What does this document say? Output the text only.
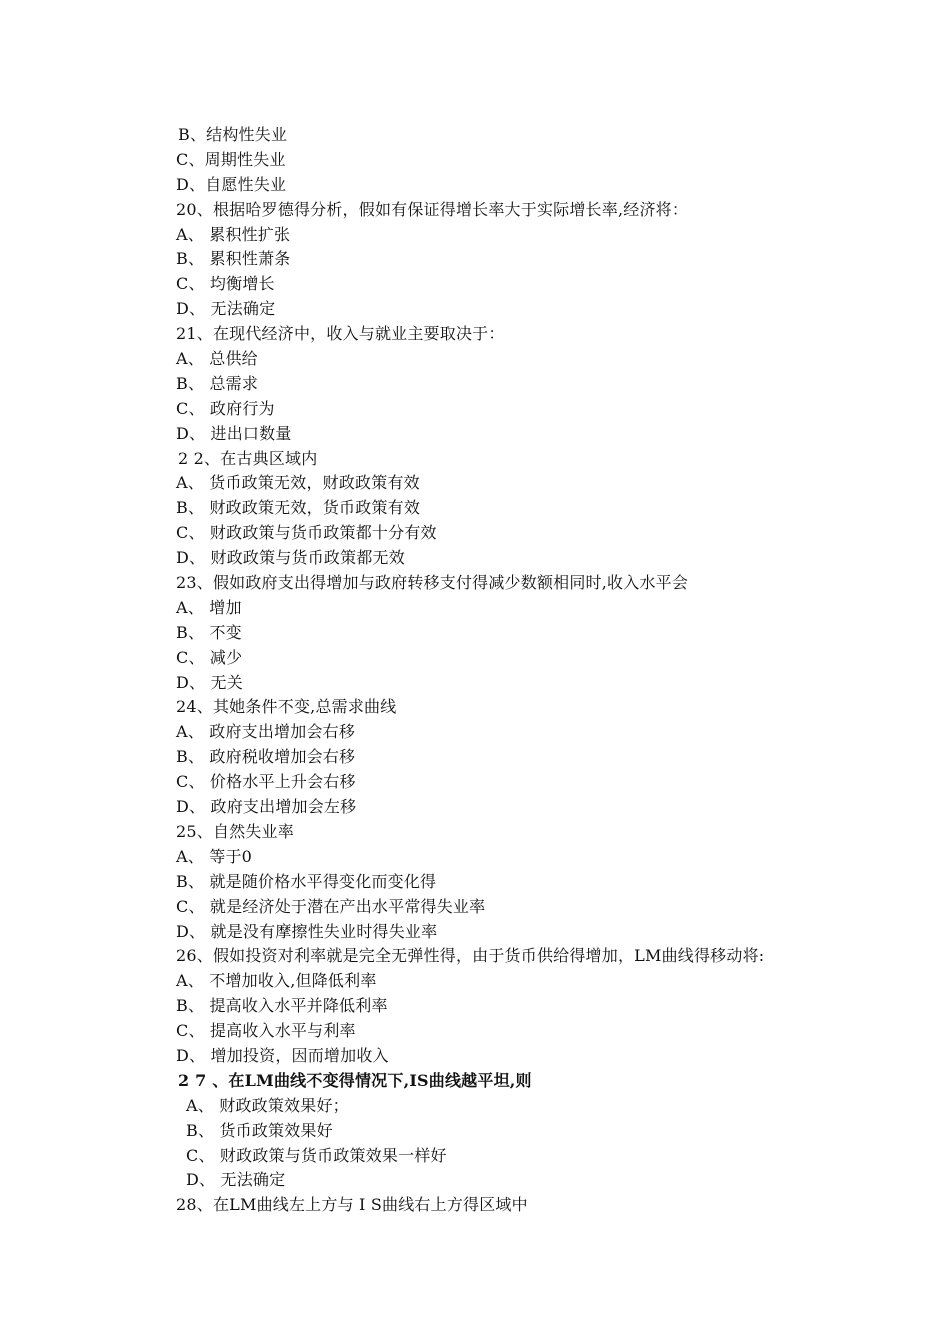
B、结构性失业
C、周期性失业
D、自愿性失业
20、根据哈罗德得分析，假如有保证得增长率大于实际增长率,经济将：
A、 累积性扩张
B、 累积性萧条
C、 均衡增长
D、 无法确定
21、在现代经济中，收入与就业主要取决于：
A、 总供给
B、 总需求
C、 政府行为
D、 进出口数量
2 2、在古典区域内
A、 货币政策无效，财政政策有效
B、 财政政策无效，货币政策有效
C、 财政政策与货币政策都十分有效
D、 财政政策与货币政策都无效
23、假如政府支出得增加与政府转移支付得减少数额相同时,收入水平会
A、 增加
B、 不变
C、 减少
D、 无关
24、其她条件不变,总需求曲线
A、 政府支出增加会右移
B、 政府税收增加会右移
C、 价格水平上升会右移
D、 政府支出增加会左移
25、自然失业率
A、 等于0
B、 就是随价格水平得变化而变化得
C、 就是经济处于潜在产出水平常得失业率
D、 就是没有摩擦性失业时得失业率
26、假如投资对利率就是完全无弹性得，由于货币供给得增加，LM曲线得移动将:
A、 不增加收入,但降低利率
B、 提高收入水平并降低利率
C、 提高收入水平与利率
D、 增加投资，因而增加收入
2 7 、在LM曲线不变得情况下,IS曲线越平坦,则
A、 财政政策效果好；
B、 货币政策效果好
C、 财政政策与货币政策效果一样好
D、 无法确定
28、在LM曲线左上方与 I S曲线右上方得区域中
